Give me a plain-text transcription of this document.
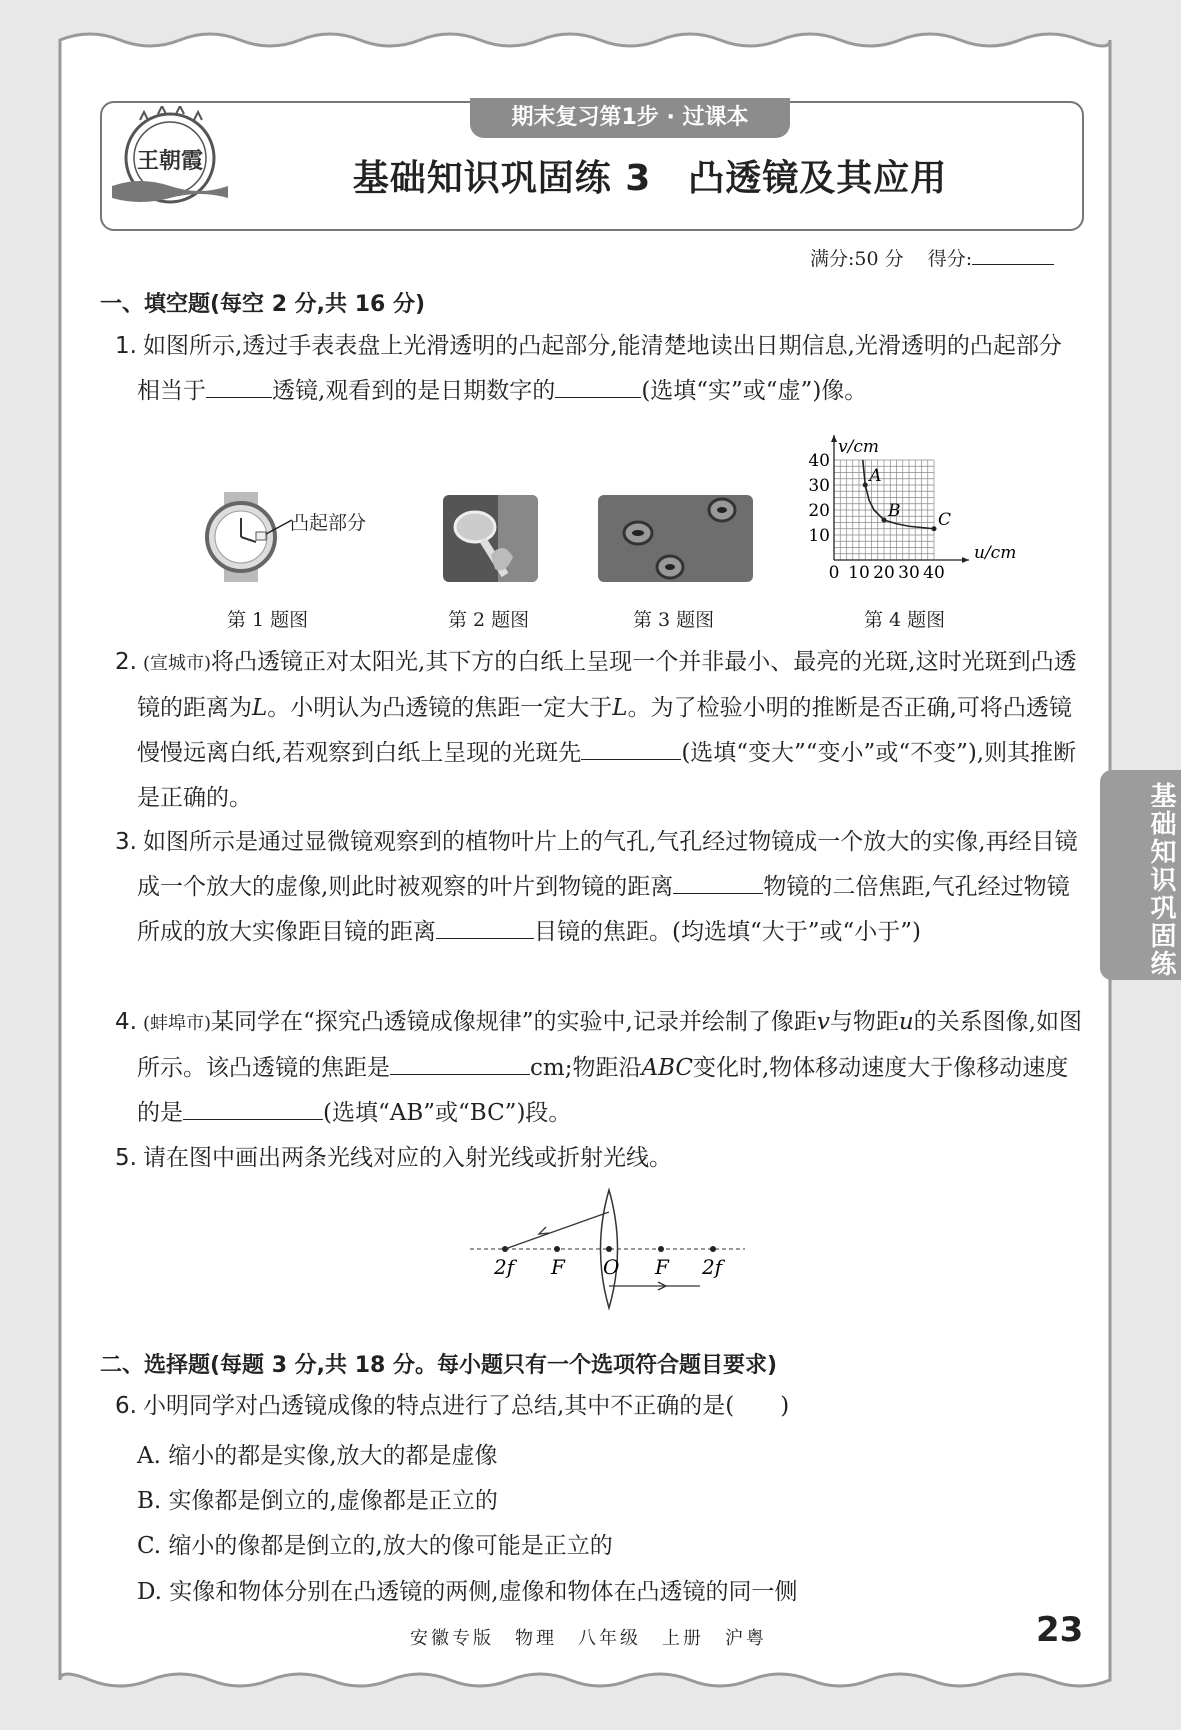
王朝霞
期末复习第1步 · 过课本
基础知识巩固练 3　凸透镜及其应用
满分:50 分 得分:
一、填空题(每空 2 分,共 16 分)
1. 如图所示,透过手表表盘上光滑透明的凸起部分,能清楚地读出日期信息,光滑透明的凸起部分相当于	透镜,观看到的是日期数字的	(选填“实”或“虚”)像。
凸起部分
第 1 题图	第 2 题图	第 3 题图
0 10 20 30 40
10
20
30
40
u/cm
v/cm
A
B C
第 4 题图
2. (宣城市)将凸透镜正对太阳光,其下方的白纸上呈现一个并非最小、最亮的光斑,这时光斑到凸透镜的距离为L。小明认为凸透镜的焦距一定大于L。为了检验小明的推断是否正确,可将凸透镜慢慢远离白纸,若观察到白纸上呈现的光斑先	(选填“变大”“变小”或“不变”),则其推断是正确的。
3. 如图所示是通过显微镜观察到的植物叶片上的气孔,气孔经过物镜成一个放大的实像,再经目镜成一个放大的虚像,则此时被观察的叶片到物镜的距离	物镜的二倍焦距,气孔经过物镜所成的放大实像距目镜的距离	目镜的焦距。(均选填“大于”或“小于”)
4. (蚌埠市)某同学在“探究凸透镜成像规律”的实验中,记录并绘制了像距v与物距u的关系图像,如图所示。该凸透镜的焦距是	cm;物距沿ABC变化时,物体移动速度大于像移动速度的是	(选填“AB”或“BC”)段。
5. 请在图中画出两条光线对应的入射光线或折射光线。
2f F O F 2f
二、选择题(每题 3 分,共 18 分。每小题只有一个选项符合题目要求)
6. 小明同学对凸透镜成像的特点进行了总结,其中不正确的是(　　)
A. 缩小的都是实像,放大的都是虚像
B. 实像都是倒立的,虚像都是正立的
C. 缩小的像都是倒立的,放大的像可能是正立的
D. 实像和物体分别在凸透镜的两侧,虚像和物体在凸透镜的同一侧
基础知识巩固练
安徽专版　物理　八年级　上册　沪粤	23
